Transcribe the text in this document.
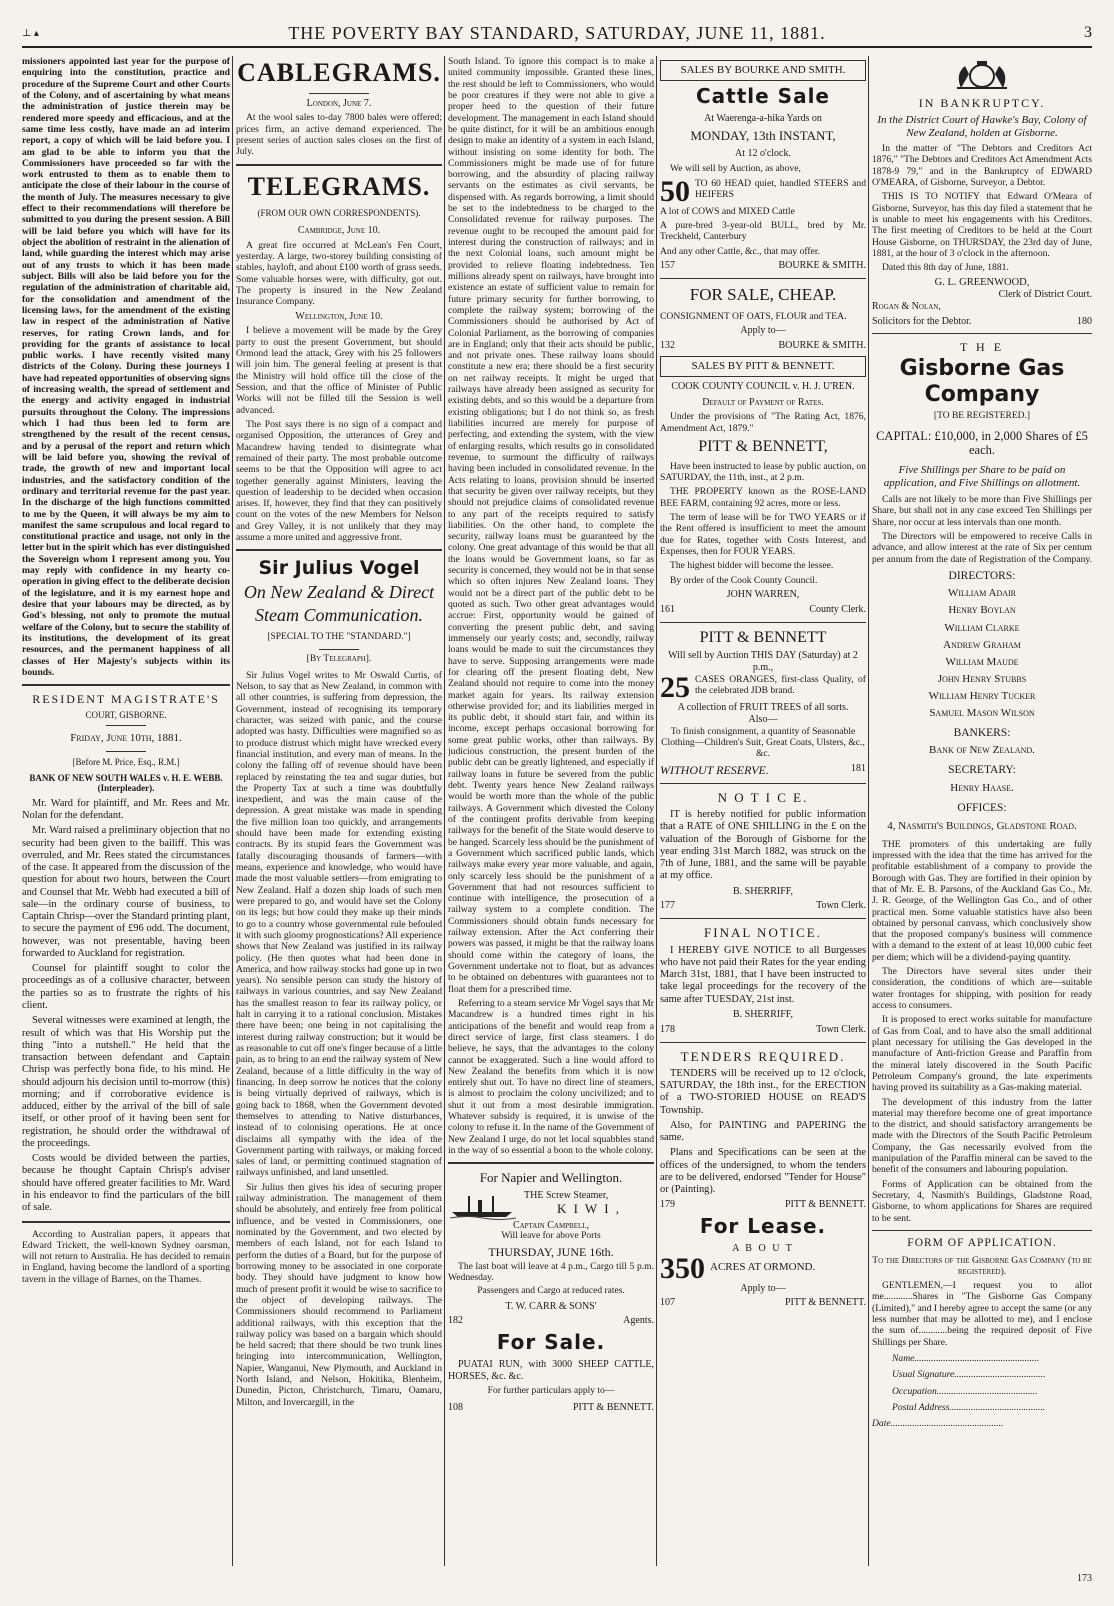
⊥ ▴	THE POVERTY BAY STANDARD, SATURDAY, JUNE 11, 1881.	3

missioners appointed last year for the purpose of enquiring into the constitution, practice and procedure of the Supreme Court and other Courts of the Colony, and of ascertaining by what means the administration of justice therein may be rendered more speedy and efficacious, and at the same time less costly, have made an ad interim report, a copy of which will be laid before you. I am glad to be able to inform you that the Commissioners have proceeded so far with the work entrusted to them as to enable them to anticipate the close of their labour in the course of the month of July. The measures necessary to give effect to their recommendations will therefore be submitted to you during the present session. A Bill will be laid before you which will have for its object the abolition of restraint in the alienation of land, while guarding the interest which may arise out of any trusts to which it has been made subject. Bills will also be laid before you for the regulation of the administration of charitable aid, for the consolidation and amendment of the licensing laws, for the amendment of the existing law in respect of the administration of Native reserves, for rating Crown lands, and for providing for the grants of assistance to local public works. I have recently visited many districts of the Colony. During these journeys I have had repeated opportunities of observing signs of increasing wealth, the spread of settlement and the energy and activity engaged in industrial pursuits throughout the Colony. The impressions which I had thus been led to form are strengthened by the result of the recent census, and by a perusal of the report and return which will be laid before you, showing the revival of trade, the growth of new and important local industries, and the satisfactory condition of the ordinary and territorial revenue for the past year. In the discharge of the high functions committed to me by the Queen, it will always be my aim to manifest the same scrupulous and local regard to constitutional practice and usage, not only in the letter but in the spirit which has ever distinguished the Sovereign whom I represent among you. You may reply with confidence in my hearty co-operation in giving effect to the deliberate decision of the legislature, and it is my earnest hope and desire that your labours may be directed, as by God's blessing, not only to promote the mutual welfare of the Colony, but to secure the stability of its institutions, the development of its great resources, and the permanent happiness of all classes of Her Majesty's subjects within its bounds.

RESIDENT MAGISTRATE'S
COURT, GISBORNE.
Friday, June 10th, 1881.
[Before M. Price, Esq., R.M.]
BANK OF NEW SOUTH WALES v. H. E. WEBB. (Interpleader).

Mr. Ward for plaintiff, and Mr. Rees and Mr. Nolan for the defendant.

Mr. Ward raised a preliminary objection that no security had been given to the bailiff. This was overruled, and Mr. Rees stated the circumstances of the case. It appeared from the discussion of the question for about two hours, between the Court and Counsel that Mr. Webb had executed a bill of sale—in the ordinary course of business, to Captain Chrisp—over the Standard printing plant, to secure the payment of £96 odd. The document, however, was not presentable, having been forwarded to Auckland for registration.

Counsel for plaintiff sought to color the proceedings as of a collusive character, between the parties so as to frustrate the rights of his client.

Several witnesses were examined at length, the result of which was that His Worship put the thing "into a nutshell." He held that the transaction between defendant and Captain Chrisp was perfectly bona fide, to his mind. He should adjourn his decision until to-morrow (this) morning; and if corroborative evidence is adduced, either by the arrival of the bill of sale itself, or other proof of it having been sent for registration, he should order the withdrawal of the proceedings.

Costs would be divided between the parties, because he thought Captain Chrisp's adviser should have offered greater facilities to Mr. Ward in his endeavor to find the particulars of the bill of sale.

According to Australian papers, it appears that Edward Trickett, the well-known Sydney oarsman, will not return to Australia. He has decided to remain in England, having become the landlord of a sporting tavern in the village of Barnes, on the Thames.

CABLEGRAMS.
London, June 7.

At the wool sales to-day 7800 bales were offered; prices firm, an active demand experienced. The present series of auction sales closes on the first of July.

TELEGRAMS.
(FROM OUR OWN CORRESPONDENTS).
Cambridge, June 10.

A great fire occurred at McLean's Fen Court, yesterday. A large, two-storey building consisting of stables, hayloft, and about £100 worth of grass seeds. Some valuable horses were, with difficulty, got out. The property is insured in the New Zealand Insurance Company.

Wellington, June 10.

I believe a movement will be made by the Grey party to oust the present Government, but should Ormond lead the attack, Grey with his 25 followers will join him. The general feeling at present is that the Ministry will hold office till the close of the Session, and that the office of Minister of Public Works will not be filled till the Session is well advanced.

The Post says there is no sign of a compact and organised Opposition, the utterances of Grey and Macandrew having tended to disintegrate what remained of their party. The most probable outcome seems to be that the Opposition will agree to act together generally against Ministers, leaving the question of leadership to be decided when occasion arises. If, however, they find that they can positively count on the votes of the new Members for Nelson and Grey Valley, it is not unlikely that they may assume a more united and aggressive front.

Sir Julius Vogel
On New Zealand & Direct
Steam Communication.
[SPECIAL TO THE "STANDARD."]
[By Telegraph].

Sir Julius Vogel writes to Mr Oswald Curtis, of Nelson, to say that as New Zealand, in common with all other countries, is suffering from depression, the Government, instead of recognising its temporary character, was seized with panic, and the course adopted was hasty. Difficulties were magnified so as to produce distrust which might have wrecked every financial institution, and every man of means. In the colony the falling off of revenue should have been replaced by reinstating the tea and sugar duties, but the Property Tax at such a time was doubtfully inexpedient, and was the main cause of the depression. A great mistake was made in spending the five million loan too quickly, and arrangements should have been made for extending existing contracts. By its stupid fears the Government was fatally discouraging thousands of farmers—with means, experience and knowledge, who would have made the most valuable settlers—from emigrating to New Zealand. Half a dozen ship loads of such men were prepared to go, and would have set the Colony on its legs; but how could they make up their minds to go to a country whose governmental rule befouled it with such gloomy prognostications? All experience shows that New Zealand was justified in its railway policy. (He then quotes what had been done in America, and how railway stocks had gone up in two years). No sensible person can study the history of railways in various countries, and say New Zealand has the smallest reason to fear its railway policy, or halt in carrying it to a rational conclusion. Mistakes there have been; one being in not capitalising the interest during railway construction; but it would be as reasonable to cut off one's finger because of a little pain, as to bring to an end the railway system of New Zealand, because of a little difficulty in the way of financing. In deep sorrow he notices that the colony is being virtually deprived of railways, which is going back to 1868, when the Government devoted themselves to attending to Native disturbances, instead of to colonising operations. He at once disclaims all sympathy with the idea of the Government parting with railways, or making forced sales of land, or permitting continued stagnation of railways unfinished, and land unsettled.

Sir Julius then gives his idea of securing proper railway administration. The management of them should be absolutely, and entirely free from political influence, and be vested in Commissioners, one nominated by the Government, and two elected by members of each Island, not for each Island to perform the duties of a Board, but for the purpose of borrowing money to be associated in one corporate body. They should have judgment to know how much of present profit it would be wise to sacrifice to the object of developing railways. The Commissioners should recommend to Parliament additional railways, with this exception that the railway policy was based on a bargain which should be held sacred; that there should be two trunk lines bringing into intercommunication, Wellington, Napier, Wanganui, New Plymouth, and Auckland in North Island, and Nelson, Hokitika, Blenheim, Dunedin, Picton, Christchurch, Timaru, Oamaru, Milton, and Invercargill, in the

South Island. To ignore this compact is to make a united community impossible. Granted these lines, the rest should be left to Commissioners, who would be poor creatures if they were not able to give a proper heed to the question of their future development. The management in each Island should be quite distinct, for it will be an ambitious enough design to make an identity of a system in each Island, without insisting on some identity for both. The Commissioners might be made use of for future borrowing, and the absurdity of placing railway servants on the estimates as civil servants, be dispensed with. As regards borrowing, a limit should be set to the indebtedness to be charged to the Consolidated revenue for railway purposes. The revenue ought to be recouped the amount paid for interest during the construction of railways; and in the next Colonial loans, such amount might be provided to relieve floating indebtedness. Ten millions already spent on railways, have brought into existence an estate of sufficient value to remain for future primary security for further borrowing, to complete the railway system; borrowing of the Commissioners should be authorised by Act of Colonial Parliament, as the borrowing of companies are in England; only that their acts should be public, and not private ones. These railway loans should constitute a new era; there should be a first security on net railway receipts. It might be urged that railways have already been assigned as security for existing debts, and so this would be a departure from existing obligations; but I do not think so, as fresh liabilities incurred are merely for purpose of perfecting, and extending the system, with the view of enlarging results, which results go in consolidated revenue, to surmount the difficulty of railways having been included in consolidated revenue. In the Acts relating to loans, provision should be inserted that security be given over railway receipts, but they should not prejudice claims of consolidated revenue to any part of the receipts required to satisfy liabilities. On the other hand, to complete the security, railway loans must be guaranteed by the colony. One great advantage of this would be that all the loans would be Government loans, so far as security is concerned, they would not be in that sense which so often injures New Zealand loans. They would not be a direct part of the public debt to be quoted as such. Two other great advantages would accrue: First, opportunity would be gained of converting the present public debt, and saving immensely our yearly costs; and, secondly, railway loans would be made to suit the circumstances they have to serve. Supposing arrangements were made for clearing off the present floating debt, New Zealand should not require to come into the money market again for years. Its railway extension otherwise provided for; and its liabilities merged in its public debt, it should start fair, and within its income, except perhaps occasional borrowing for some great public works, other than railways. By judicious construction, the present burden of the public debt can be greatly lightened, and especially if railway loans in future be severed from the public debt. Twenty years hence New Zealand railways would be worth more than the whole of the public railways. A Government which divested the Colony of the contingent profits derivable from keeping railways for the benefit of the State would deserve to be hanged. Scarcely less should be the punishment of a Government which sacrificed public lands, which railways make every year more valuable, and again, only scarcely less should be the punishment of a Government that had not resources sufficient to continue with intelligence, the prosecution of a railway system to a complete condition. The Commissioners should obtain funds necessary for railway extension. After the Act conferring their powers was passed, it might be that the railway loans should come within the category of loans, the Government undertake not to float, but as advances to be obtained on debentures with guarantees not to float them for a prescribed time.

Referring to a steam service Mr Vogel says that Mr Macandrew is a hundred times right in his anticipations of the benefit and would reap from a direct service of large, first class steamers. I do believe, he says, that the advantages to the colony cannot be exaggerated. Such a line would afford to New Zealand the benefits from which it is now entirely shut out. To have no direct line of steamers, is almost to proclaim the colony uncivilized; and to shut it out from a most desirable immigration. Whatever subsidy is required, it is unwise of the colony to refuse it. In the name of the Government of New Zealand I urge, do not let local squabbles stand in the way of so essential a boon to the whole colony.

For Napier and Wellington.
THE Screw Steamer,
K I W I ,
Captain Campbell,
Will leave for above Ports
THURSDAY, JUNE 16th.

The last boat will leave at 4 p.m., Cargo till 5 p.m. Wednesday.

Passengers and Cargo at reduced rates.
T. W. CARR & SONS'
182	Agents.
For Sale.

PUATAI RUN, with 3000 SHEEP CATTLE, HORSES, &c. &c.

For further particulars apply to—
108	PITT & BENNETT.
SALES BY BOURKE AND SMITH.
Cattle Sale
At Waerenga-a-hika Yards on
MONDAY, 13th INSTANT,
At 12 o'clock.

We will sell by Auction, as above,

50 TO 60 HEAD quiet, handled STEERS and HEIFERS

A lot of COWS and MIXED Cattle

A pure-bred 3-year-old BULL, bred by Mr. Treckheld, Canterbury

And any other Cattle, &c., that may offer.

157	BOURKE & SMITH.
FOR SALE, CHEAP.

CONSIGNMENT OF OATS, FLOUR and TEA.

Apply to—
132	BOURKE & SMITH.
SALES BY PITT & BENNETT.
COOK COUNTY COUNCIL v. H. J. U'REN.
Default of Payment of Rates.

Under the provisions of "The Rating Act, 1876, Amendment Act, 1879."

PITT & BENNETT,

Have been instructed to lease by public auction, on SATURDAY, the 11th, inst., at 2 p.m.

THE PROPERTY known as the ROSE-LAND BEE FARM, containing 92 acres, more or less.

The term of lease will be for TWO YEARS or if the Rent offered is insufficient to meet the amount due for Rates, together with Costs Interest, and Expenses, then for FOUR YEARS.

The highest bidder will become the lessee.

By order of the Cook County Council.

JOHN WARREN,
161	County Clerk.
PITT & BENNETT
Will sell by Auction THIS DAY (Saturday) at 2 p.m.,
25 CASES ORANGES, first-class Quality, of the celebrated JDB brand.

A collection of FRUIT TREES of all sorts.
Also—

To finish consignment, a quantity of Seasonable Clothing—Children's Suit, Great Coats, Ulsters, &c., &c.

WITHOUT RESERVE.	181
N O T I C E.

IT is hereby notified for public information that a RATE of ONE SHILLING in the £ on the valuation of the Borough of Gisborne for the year ending 31st March 1882, was struck on the 7th of June, 1881, and the same will be payable at my office.

B. SHERRIFF,
177	Town Clerk.
FINAL NOTICE.

I HEREBY GIVE NOTICE to all Burgesses who have not paid their Rates for the year ending March 31st, 1881, that I have been instructed to take legal proceedings for the recovery of the same after TUESDAY, 21st inst.

B. SHERRIFF,
178	Town Clerk.
TENDERS REQUIRED.

TENDERS will be received up to 12 o'clock, SATURDAY, the 18th inst., for the ERECTION of a TWO-STORIED HOUSE on READ'S Township.

Also, for PAINTING and PAPERING the same.

Plans and Specifications can be seen at the offices of the undersigned, to whom the tenders are to be delivered, endorsed "Tender for House" or (Painting).

179	PITT & BENNETT.
For Lease.
A B O U T
350 ACRES AT ORMOND.
Apply to—
107	PITT & BENNETT.
IN BANKRUPTCY.

In the District Court of Hawke's Bay, Colony of New Zealand, holden at Gisborne.

In the matter of "The Debtors and Creditors Act 1876," "The Debtors and Creditors Act Amendment Acts 1878-9 79," and in the Bankruptcy of EDWARD O'MEARA, of Gisborne, Surveyor, a Debtor.

THIS IS TO NOTIFY that Edward O'Meara of Gisborne, Surveyor, has this day filed a statement that he is unable to meet his engagements with his Creditors. The first meeting of Creditors to be held at the Court House Gisborne, on THURSDAY, the 23rd day of June, 1881, at the hour of 3 o'clock in the afternoon.

Dated this 8th day of June, 1881.

G. L. GREENWOOD,
Clerk of District Court.
Rogan & Nolan,
Solicitors for the Debtor.	180
T H E
Gisborne Gas Company
[TO BE REGISTERED.]
CAPITAL: £10,000, in 2,000 Shares of £5 each.
Five Shillings per Share to be paid on application, and Five Shillings on allotment.

Calls are not likely to be more than Five Shillings per Share, but shall not in any case exceed Ten Shillings per Share, nor occur at less intervals than one month.

The Directors will be empowered to receive Calls in advance, and allow interest at the rate of Six per centum per annum from the date of Registration of the Company.

DIRECTORS:
William Adair
Henry Boylan
William Clarke
Andrew Graham
William Maude
John Henry Stubbs
William Henry Tucker
Samuel Mason Wilson
BANKERS:
Bank of New Zealand.
SECRETARY:
Henry Haase.
OFFICES:
4, Nasmith's Buildings, Gladstone Road.

THE promoters of this undertaking are fully impressed with the idea that the time has arrived for the profitable establishment of a company to provide the Borough with Gas. They are fortified in their opinion by that of Mr. E. B. Parsons, of the Auckland Gas Co., Mr. J. R. George, of the Wellington Gas Co., and of other practical men. Some valuable statistics have also been obtained by personal canvass, which conclusively show that the proposed company's business will commence with a demand to the extent of at least 10,000 cubic feet per diem; which will be a dividend-paying quantity.

The Directors have several sites under their consideration, the conditions of which are—suitable water frontages for shipping, with position for ready access to consumers.

It is proposed to erect works suitable for manufacture of Gas from Coal, and to have also the small additional plant necessary for utilising the Gas developed in the manufacture of Anti-friction Grease and Paraffin from the mineral lately discovered in the South Pacific Petroleum Company's ground, the late experiments having proved its suitability as a Gas-making material.

The development of this industry from the latter material may therefore become one of great importance to the district, and should satisfactory arrangements be made with the Directors of the South Pacific Petroleum Company, the Gas necessarily evolved from the manipulation of the Paraffin mineral can be saved to the benefit of the consumers and labouring population.

Forms of Application can be obtained from the Secretary, 4, Nasmith's Buildings, Gladstone Road, Gisborne, to whom applications for Shares are required to be sent.

FORM OF APPLICATION.

To the Directors of the Gisborne Gas Company (to be registered).

GENTLEMEN,—I request you to allot me............Shares in "The Gisborne Gas Company (Limited)," and I hereby agree to accept the same (or any less number that may be allotted to me), and I enclose the sum of............being the required deposit of Five Shillings per Share.

Name....................................................
Usual Signature......................................
Occupation..........................................
Postal Address........................................
Date...............................................
173
